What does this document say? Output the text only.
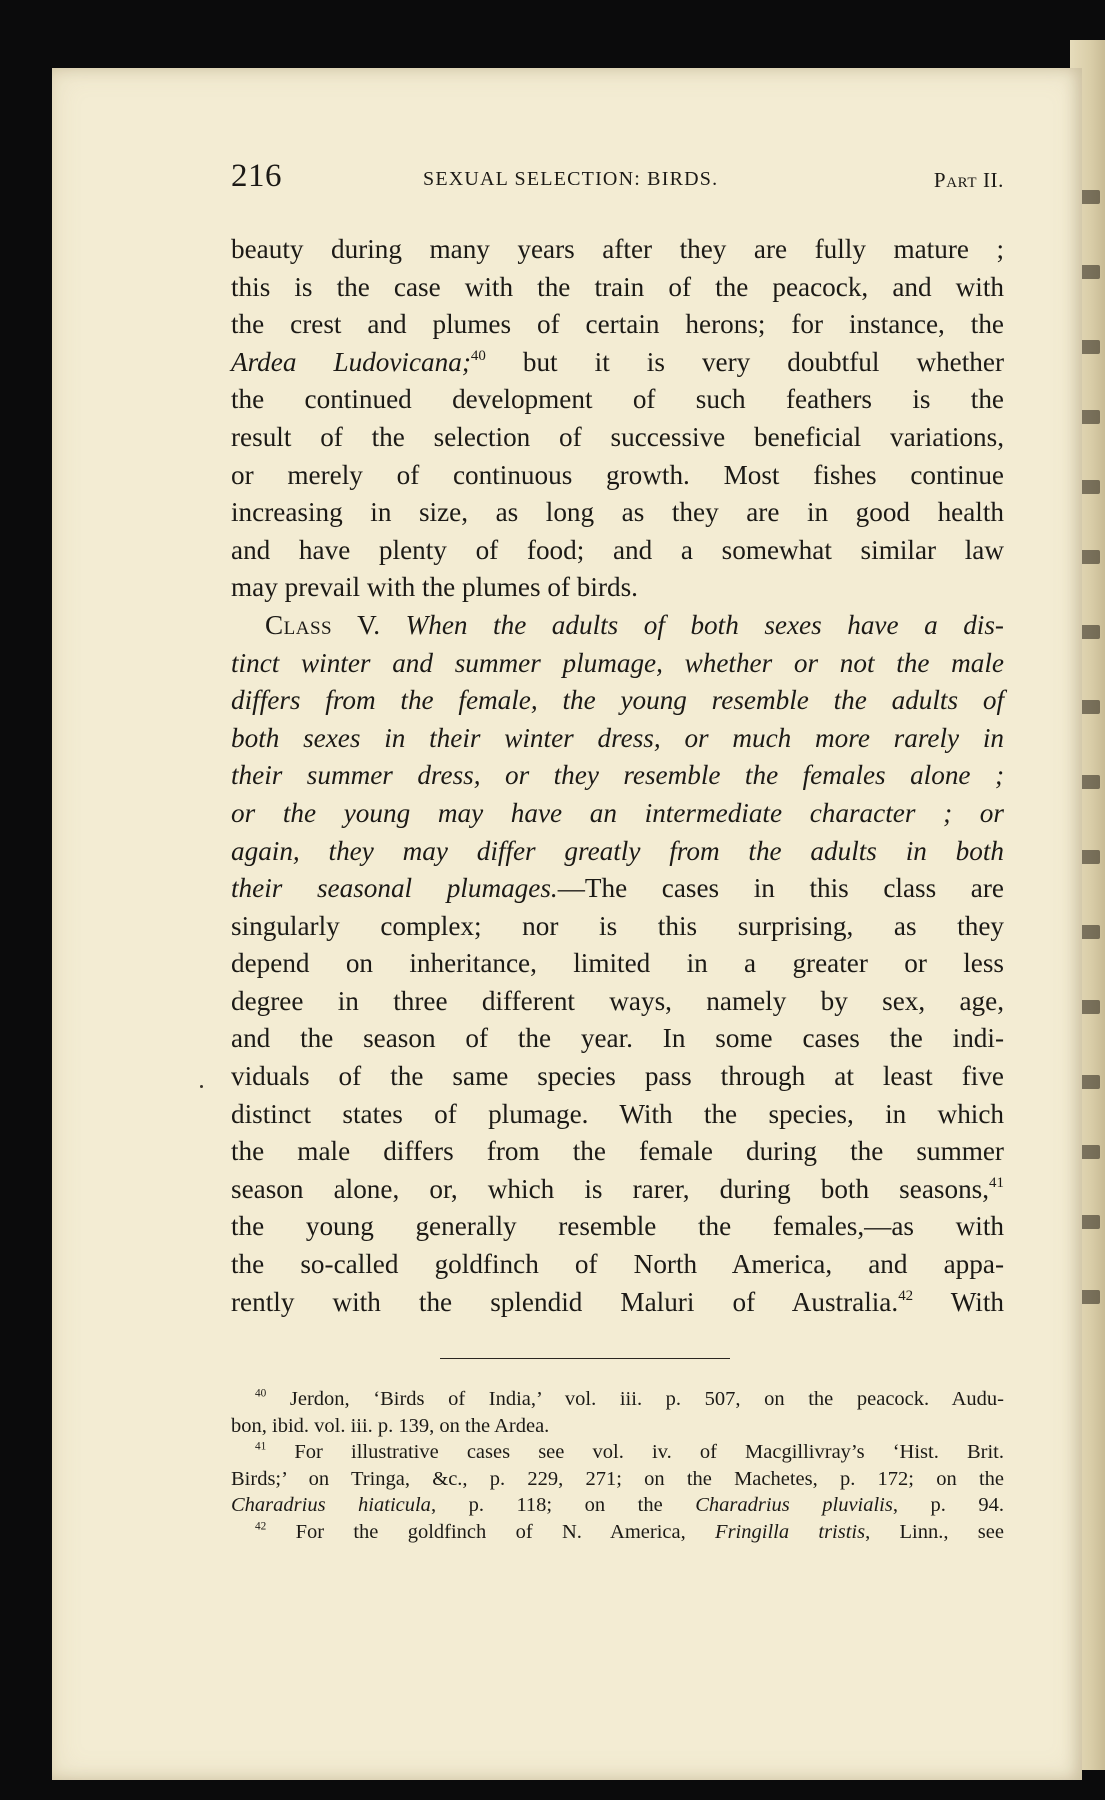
216	SEXUAL SELECTION: BIRDS.	Part II.
beauty during many years after they are fully mature ;
this is the case with the train of the peacock, and with
the crest and plumes of certain herons; for instance, the
Ardea Ludovicana;$^{40}$ but it is very doubtful whether
the continued development of such feathers is the
result of the selection of successive beneficial variations,
or merely of continuous growth. Most fishes continue
increasing in size, as long as they are in good health
and have plenty of food; and a somewhat similar law
may prevail with the plumes of birds.
Class V. When the adults of both sexes have a dis-
tinct winter and summer plumage, whether or not the male
differs from the female, the young resemble the adults of
both sexes in their winter dress, or much more rarely in
their summer dress, or they resemble the females alone ;
or the young may have an intermediate character ; or
again, they may differ greatly from the adults in both
their seasonal plumages.—The cases in this class are
singularly complex; nor is this surprising, as they
depend on inheritance, limited in a greater or less
degree in three different ways, namely by sex, age,
and the season of the year. In some cases the indi-
viduals of the same species pass through at least five
distinct states of plumage. With the species, in which
the male differs from the female during the summer
season alone, or, which is rarer, during both seasons,$^{41}$
the young generally resemble the females,—as with
the so-called goldfinch of North America, and appa-
rently with the splendid Maluri of Australia.$^{42}$ With
$^{40}$ Jerdon, ‘Birds of India,’ vol. iii. p. 507, on the peacock. Audu-
bon, ibid. vol. iii. p. 139, on the Ardea.
$^{41}$ For illustrative cases see vol. iv. of Macgillivray’s ‘Hist. Brit.
Birds;’ on Tringa, &c., p. 229, 271; on the Machetes, p. 172; on the
Charadrius hiaticula, p. 118; on the Charadrius pluvialis, p. 94.
$^{42}$ For the goldfinch of N. America, Fringilla tristis, Linn., see
